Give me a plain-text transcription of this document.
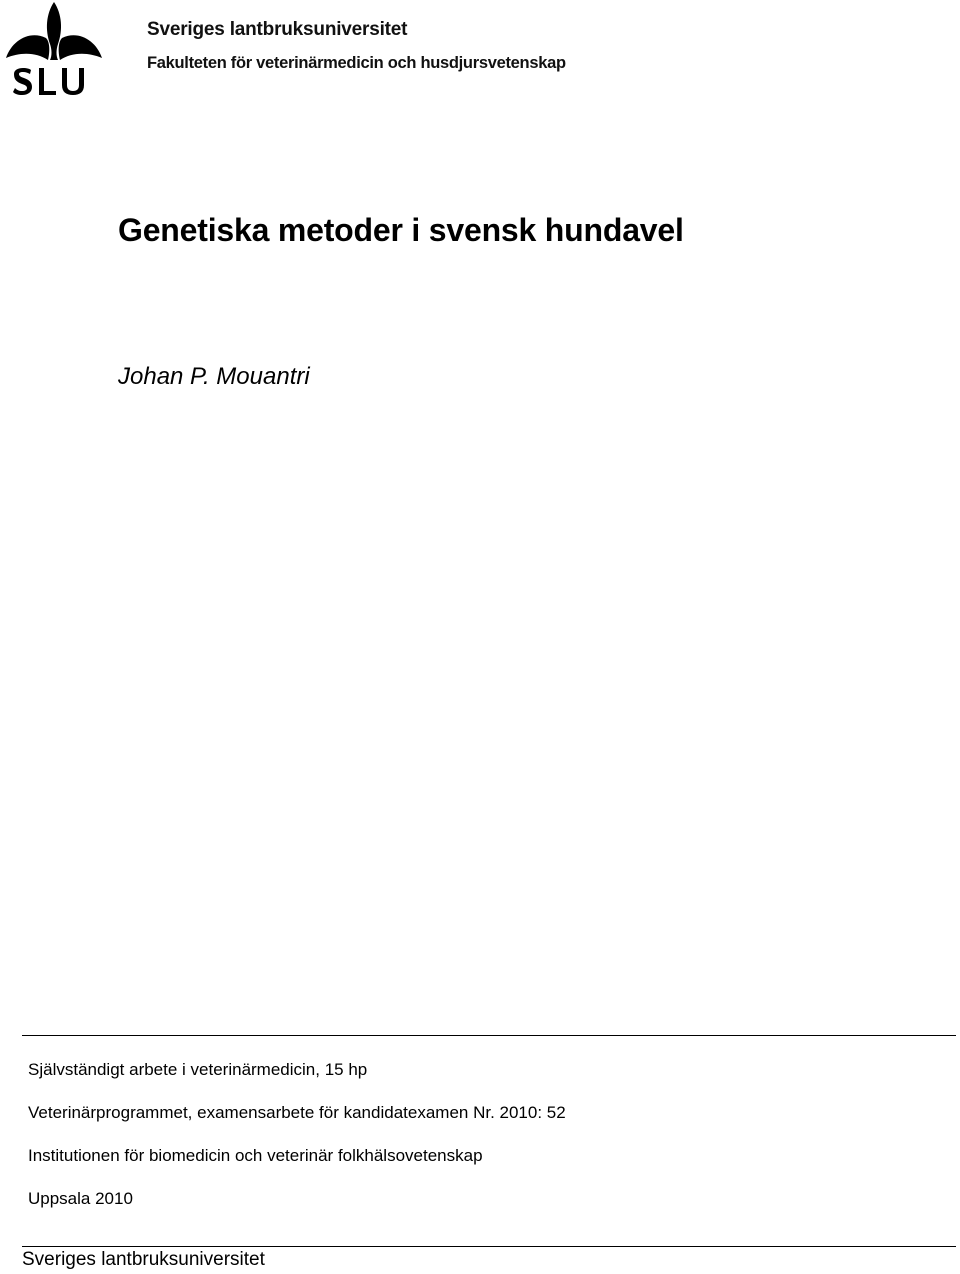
Sveriges lantbruksuniversitet
Fakulteten för veterinärmedicin och husdjursvetenskap
Genetiska metoder i svensk hundavel
Johan P. Mouantri
Självständigt arbete i veterinärmedicin, 15 hp
Veterinärprogrammet, examensarbete för kandidatexamen Nr. 2010: 52
Institutionen för biomedicin och veterinär folkhälsovetenskap
Uppsala 2010
Sveriges lantbruksuniversitet
